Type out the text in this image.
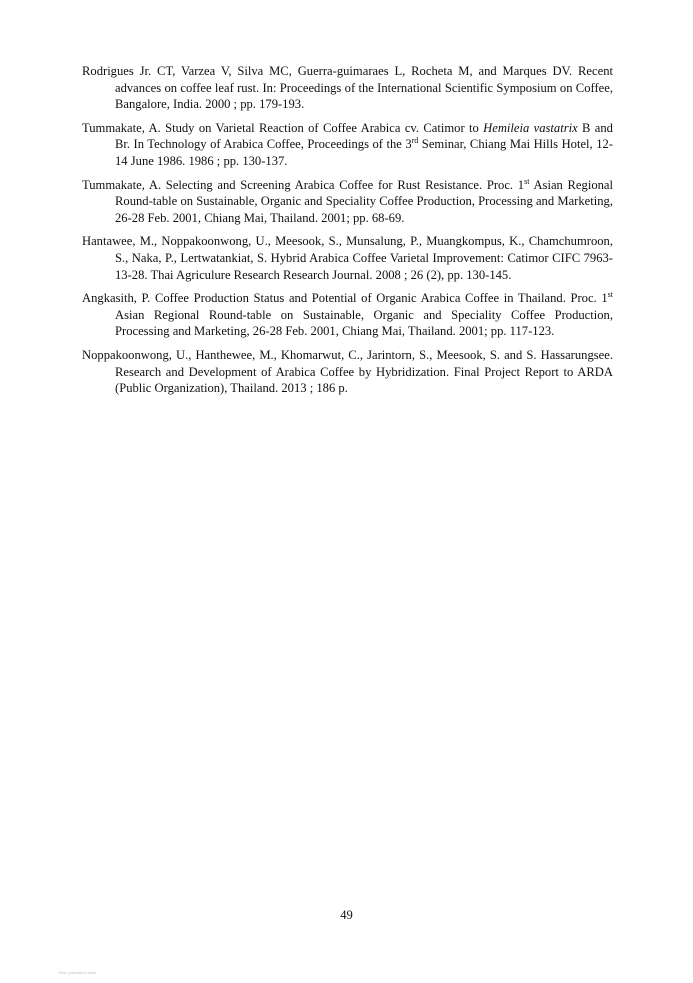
Rodrigues Jr. CT, Varzea V, Silva MC, Guerra-guimaraes L, Rocheta M, and Marques DV. Recent advances on coffee leaf rust. In: Proceedings of the International Scientific Symposium on Coffee, Bangalore, India. 2000 ; pp. 179-193.

Tummakate, A. Study on Varietal Reaction of Coffee Arabica cv. Catimor to Hemileia vastatrix B and Br. In Technology of Arabica Coffee, Proceedings of the 3rd Seminar, Chiang Mai Hills Hotel, 12-14 June 1986. 1986 ; pp. 130-137.

Tummakate, A. Selecting and Screening Arabica Coffee for Rust Resistance. Proc. 1st Asian Regional Round-table on Sustainable, Organic and Speciality Coffee Production, Processing and Marketing, 26-28 Feb. 2001, Chiang Mai, Thailand. 2001; pp. 68-69.

Hantawee, M., Noppakoonwong, U., Meesook, S., Munsalung, P., Muangkompus, K., Chamchumroon, S., Naka, P., Lertwatankiat, S. Hybrid Arabica Coffee Varietal Improvement: Catimor CIFC 7963-13-28. Thai Agriculure Research Research Journal. 2008 ; 26 (2), pp. 130-145.

Angkasith, P. Coffee Production Status and Potential of Organic Arabica Coffee in Thailand. Proc. 1st Asian Regional Round-table on Sustainable, Organic and Speciality Coffee Production, Processing and Marketing, 26-28 Feb. 2001, Chiang Mai, Thailand. 2001; pp. 117-123.

Noppakoonwong, U., Hanthewee, M., Khomarwut, C., Jarintorn, S., Meesook, S. and S. Hassarungsee. Research and Development of Arabica Coffee by Hybridization. Final Project Report to ARDA (Public Organization), Thailand. 2013 ; 186 p.

49
View publication stats
